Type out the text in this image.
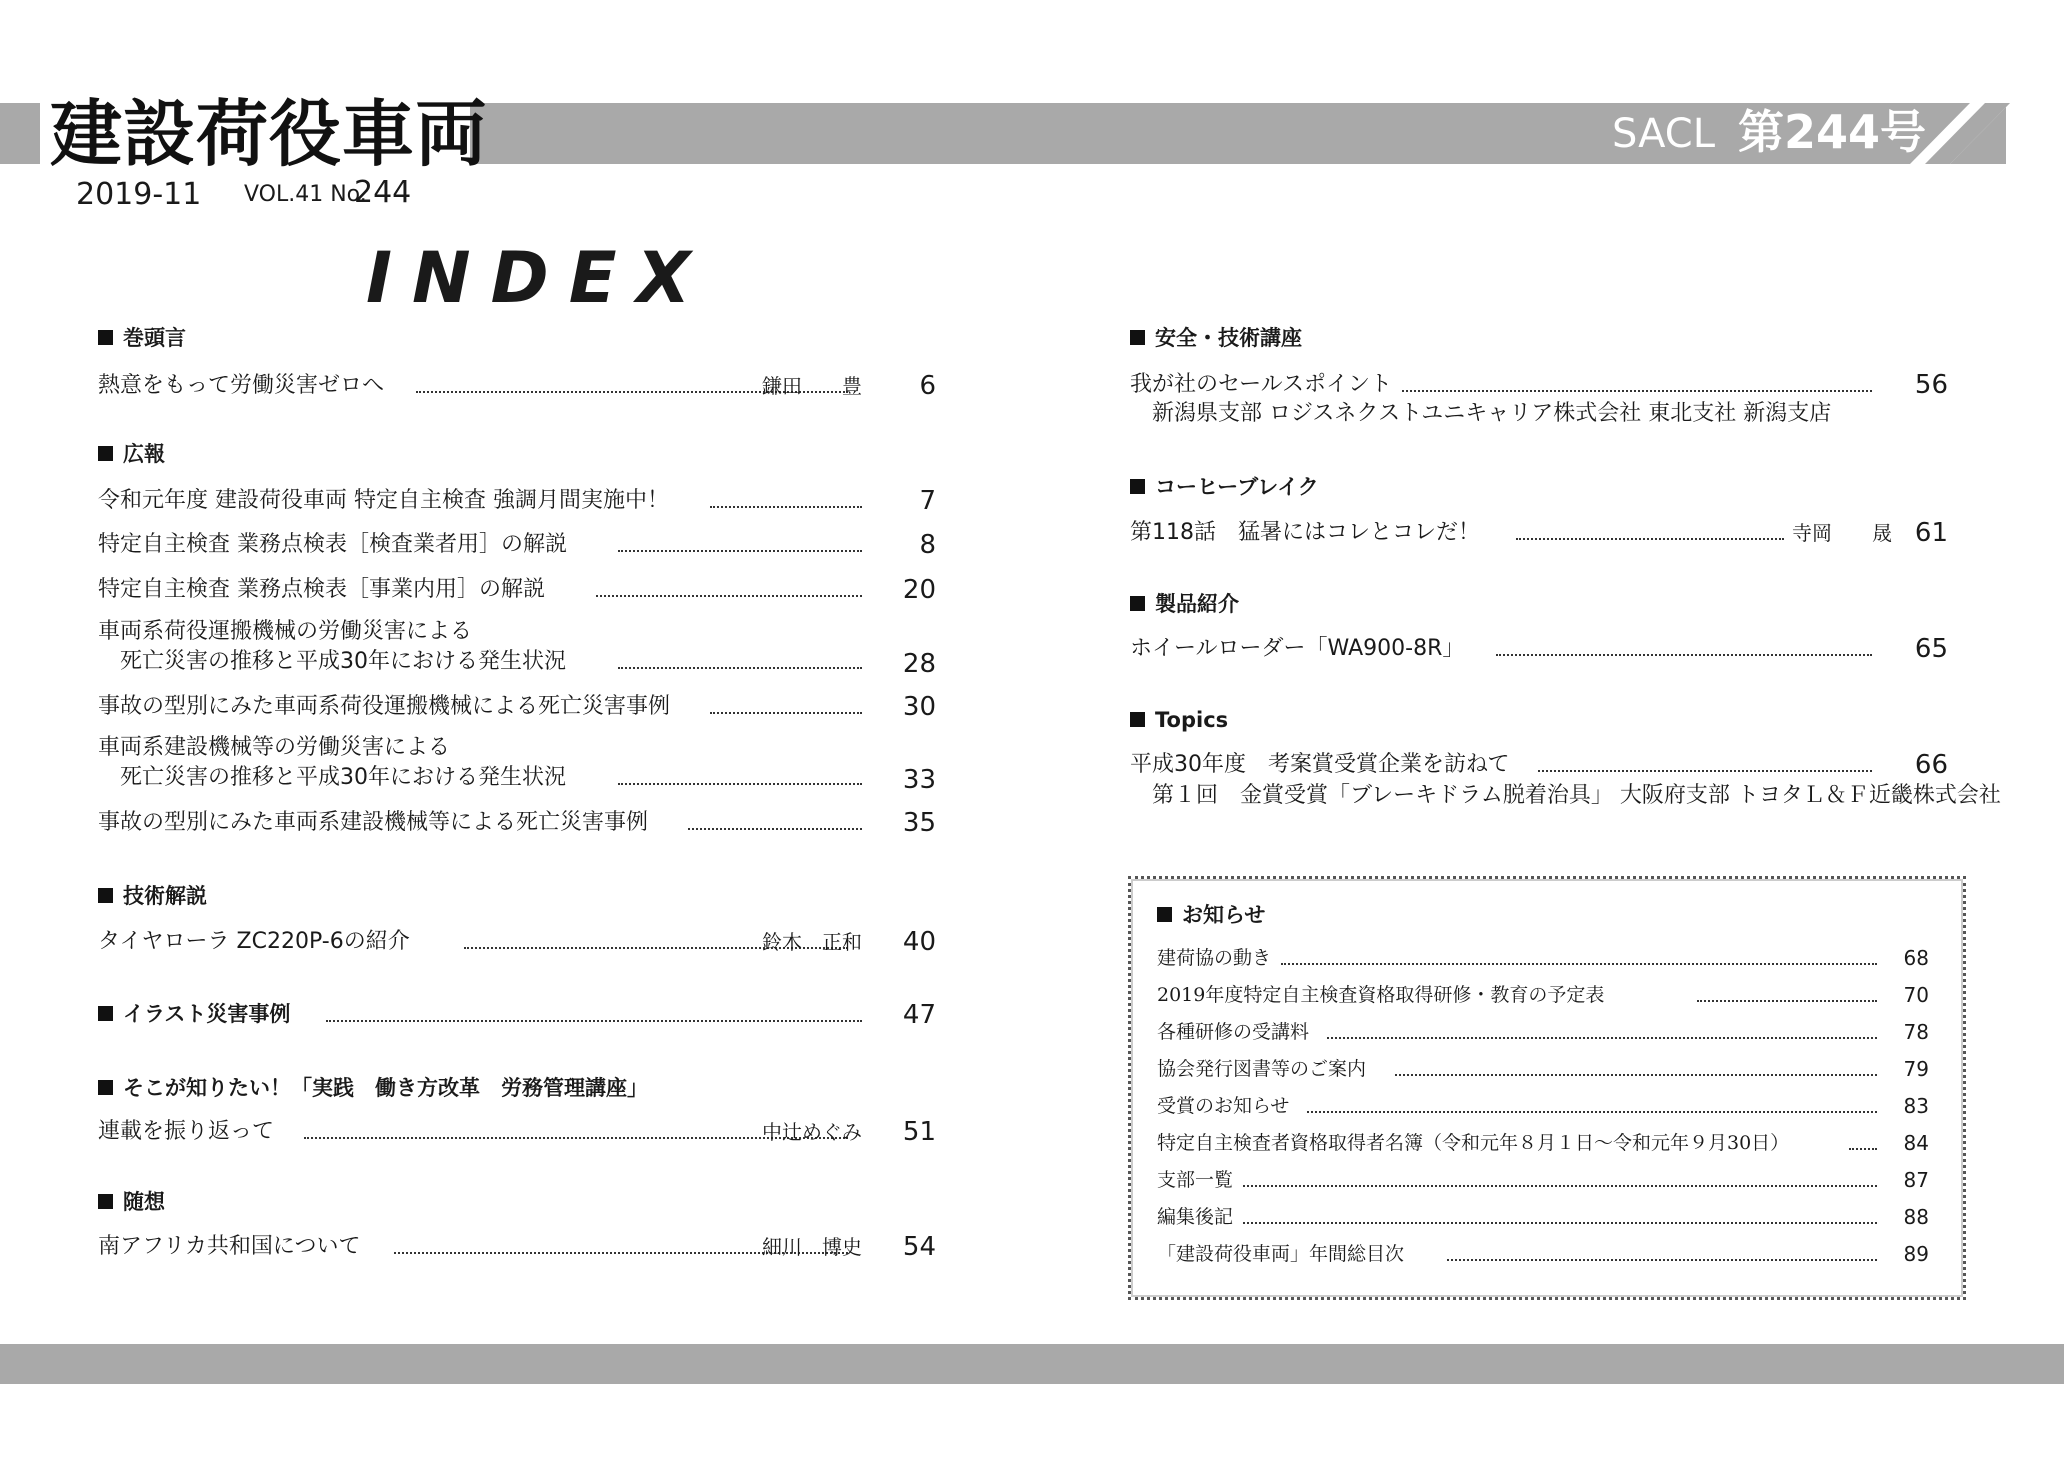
建設荷役車両	SACL 第244号
2019-11 VOL.41 No.
244
INDEX
巻頭言
熱意をもって労働災害ゼロへ	鎌田　　豊	6
広報
令和元年度 建設荷役車両 特定自主検査 強調月間実施中！	7
特定自主検査 業務点検表［検査業者用］の解説	8
特定自主検査 業務点検表［事業内用］の解説	20
車両系荷役運搬機械の労働災害による
死亡災害の推移と平成30年における発生状況	28
事故の型別にみた車両系荷役運搬機械による死亡災害事例	30
車両系建設機械等の労働災害による
死亡災害の推移と平成30年における発生状況	33
事故の型別にみた車両系建設機械等による死亡災害事例	35
技術解説
タイヤローラ ZC220P-6の紹介	鈴木　正和	40
イラスト災害事例	47
そこが知りたい！「実践　働き方改革　労務管理講座」
連載を振り返って	中辻めぐみ	51
随想
南アフリカ共和国について	細川　博史	54
安全・技術講座
我が社のセールスポイント	56
新潟県支部 ロジスネクストユニキャリア株式会社 東北支社 新潟支店
コーヒーブレイク
第118話　猛暑にはコレとコレだ！	寺岡　　晟 61
製品紹介
ホイールローダー「WA900-8R」	65
Topics
平成30年度　考案賞受賞企業を訪ねて	66
第１回　金賞受賞「ブレーキドラム脱着治具」 大阪府支部 トヨタＬ＆Ｆ近畿株式会社
お知らせ
建荷協の動き	68
2019年度特定自主検査資格取得研修・教育の予定表	70
各種研修の受講料	78
協会発行図書等のご案内	79
受賞のお知らせ	83
特定自主検査者資格取得者名簿（令和元年８月１日～令和元年９月30日）	84
支部一覧	87
編集後記	88
「建設荷役車両」年間総目次	89
